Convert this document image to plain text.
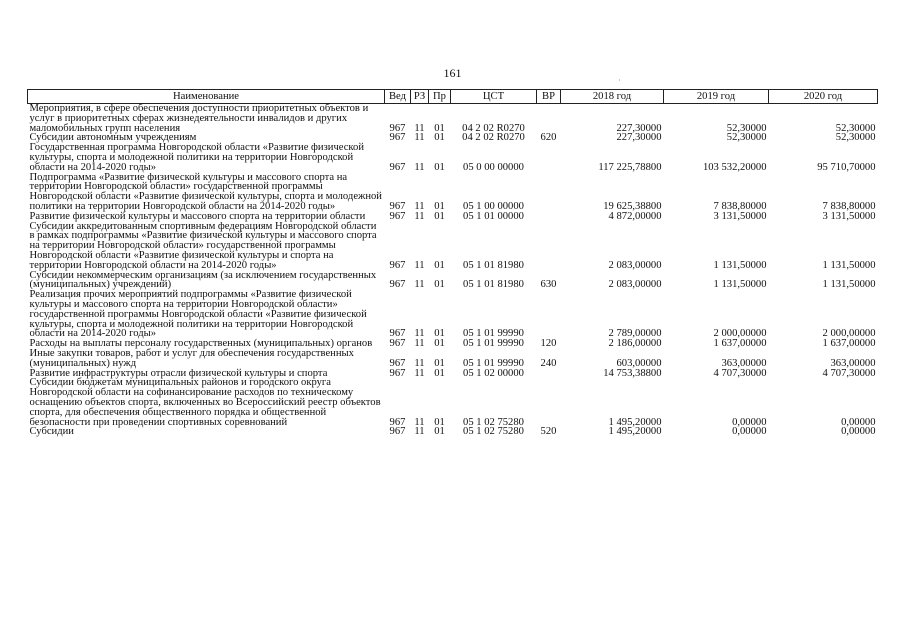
161
·
Наименование	Вед	РЗ	Пр	ЦСТ	ВР	2018 год	2019 год	2020 год
Мероприятия, в сфере обеспечения доступности приоритетных объектов и услуг в приоритетных сферах жизнедеятельности инвалидов и других маломобильных групп населения	967	11	01	04 2 02 R0270		227,30000	52,30000	52,30000
Субсидии автономным учреждениям	967	11	01	04 2 02 R0270	620	227,30000	52,30000	52,30000
Государственная программа Новгородской области «Развитие физической культуры, спорта и молодежной политики на территории Новгородской области на 2014-2020 годы»	967	11	01	05 0 00 00000		117 225,78800	103 532,20000	95 710,70000
Подпрограмма «Развитие физической культуры и массового спорта на территории Новгородской области» государственной программы Новгородской области «Развитие физической культуры, спорта и молодежной политики на территории Новгородской области на 2014-2020 годы»	967	11	01	05 1 00 00000		19 625,38800	7 838,80000	7 838,80000
Развитие физической культуры и массового спорта на территории области	967	11	01	05 1 01 00000		4 872,00000	3 131,50000	3 131,50000
Субсидии аккредитованным спортивным федерациям Новгородской области в рамках подпрограммы «Развитие физической культуры и массового спорта на территории Новгородской области» государственной программы Новгородской области «Развитие физической культуры и спорта на территории Новгородской области на 2014-2020 годы»	967	11	01	05 1 01 81980		2 083,00000	1 131,50000	1 131,50000
Субсидии некоммерческим организациям (за исключением государственных (муниципальных) учреждений)	967	11	01	05 1 01 81980	630	2 083,00000	1 131,50000	1 131,50000
Реализация прочих мероприятий подпрограммы «Развитие физической культуры и массового спорта на территории Новгородской области» государственной программы Новгородской области «Развитие физической культуры, спорта и молодежной политики на территории Новгородской области на 2014-2020 годы»	967	11	01	05 1 01 99990		2 789,00000	2 000,00000	2 000,00000
Расходы на выплаты персоналу государственных (муниципальных) органов	967	11	01	05 1 01 99990	120	2 186,00000	1 637,00000	1 637,00000
Иные закупки товаров, работ и услуг для обеспечения государственных (муниципальных) нужд	967	11	01	05 1 01 99990	240	603,00000	363,00000	363,00000
Развитие инфраструктуры отрасли физической культуры и спорта	967	11	01	05 1 02 00000		14 753,38800	4 707,30000	4 707,30000
Субсидии бюджетам муниципальных районов и городского округа Новгородской области на софинансирование расходов по техническому оснащению объектов спорта, включенных во Всероссийский реестр объектов спорта, для обеспечения общественного порядка и общественной безопасности при проведении спортивных соревнований	967	11	01	05 1 02 75280		1 495,20000	0,00000	0,00000
Субсидии	967	11	01	05 1 02 75280	520	1 495,20000	0,00000	0,00000
